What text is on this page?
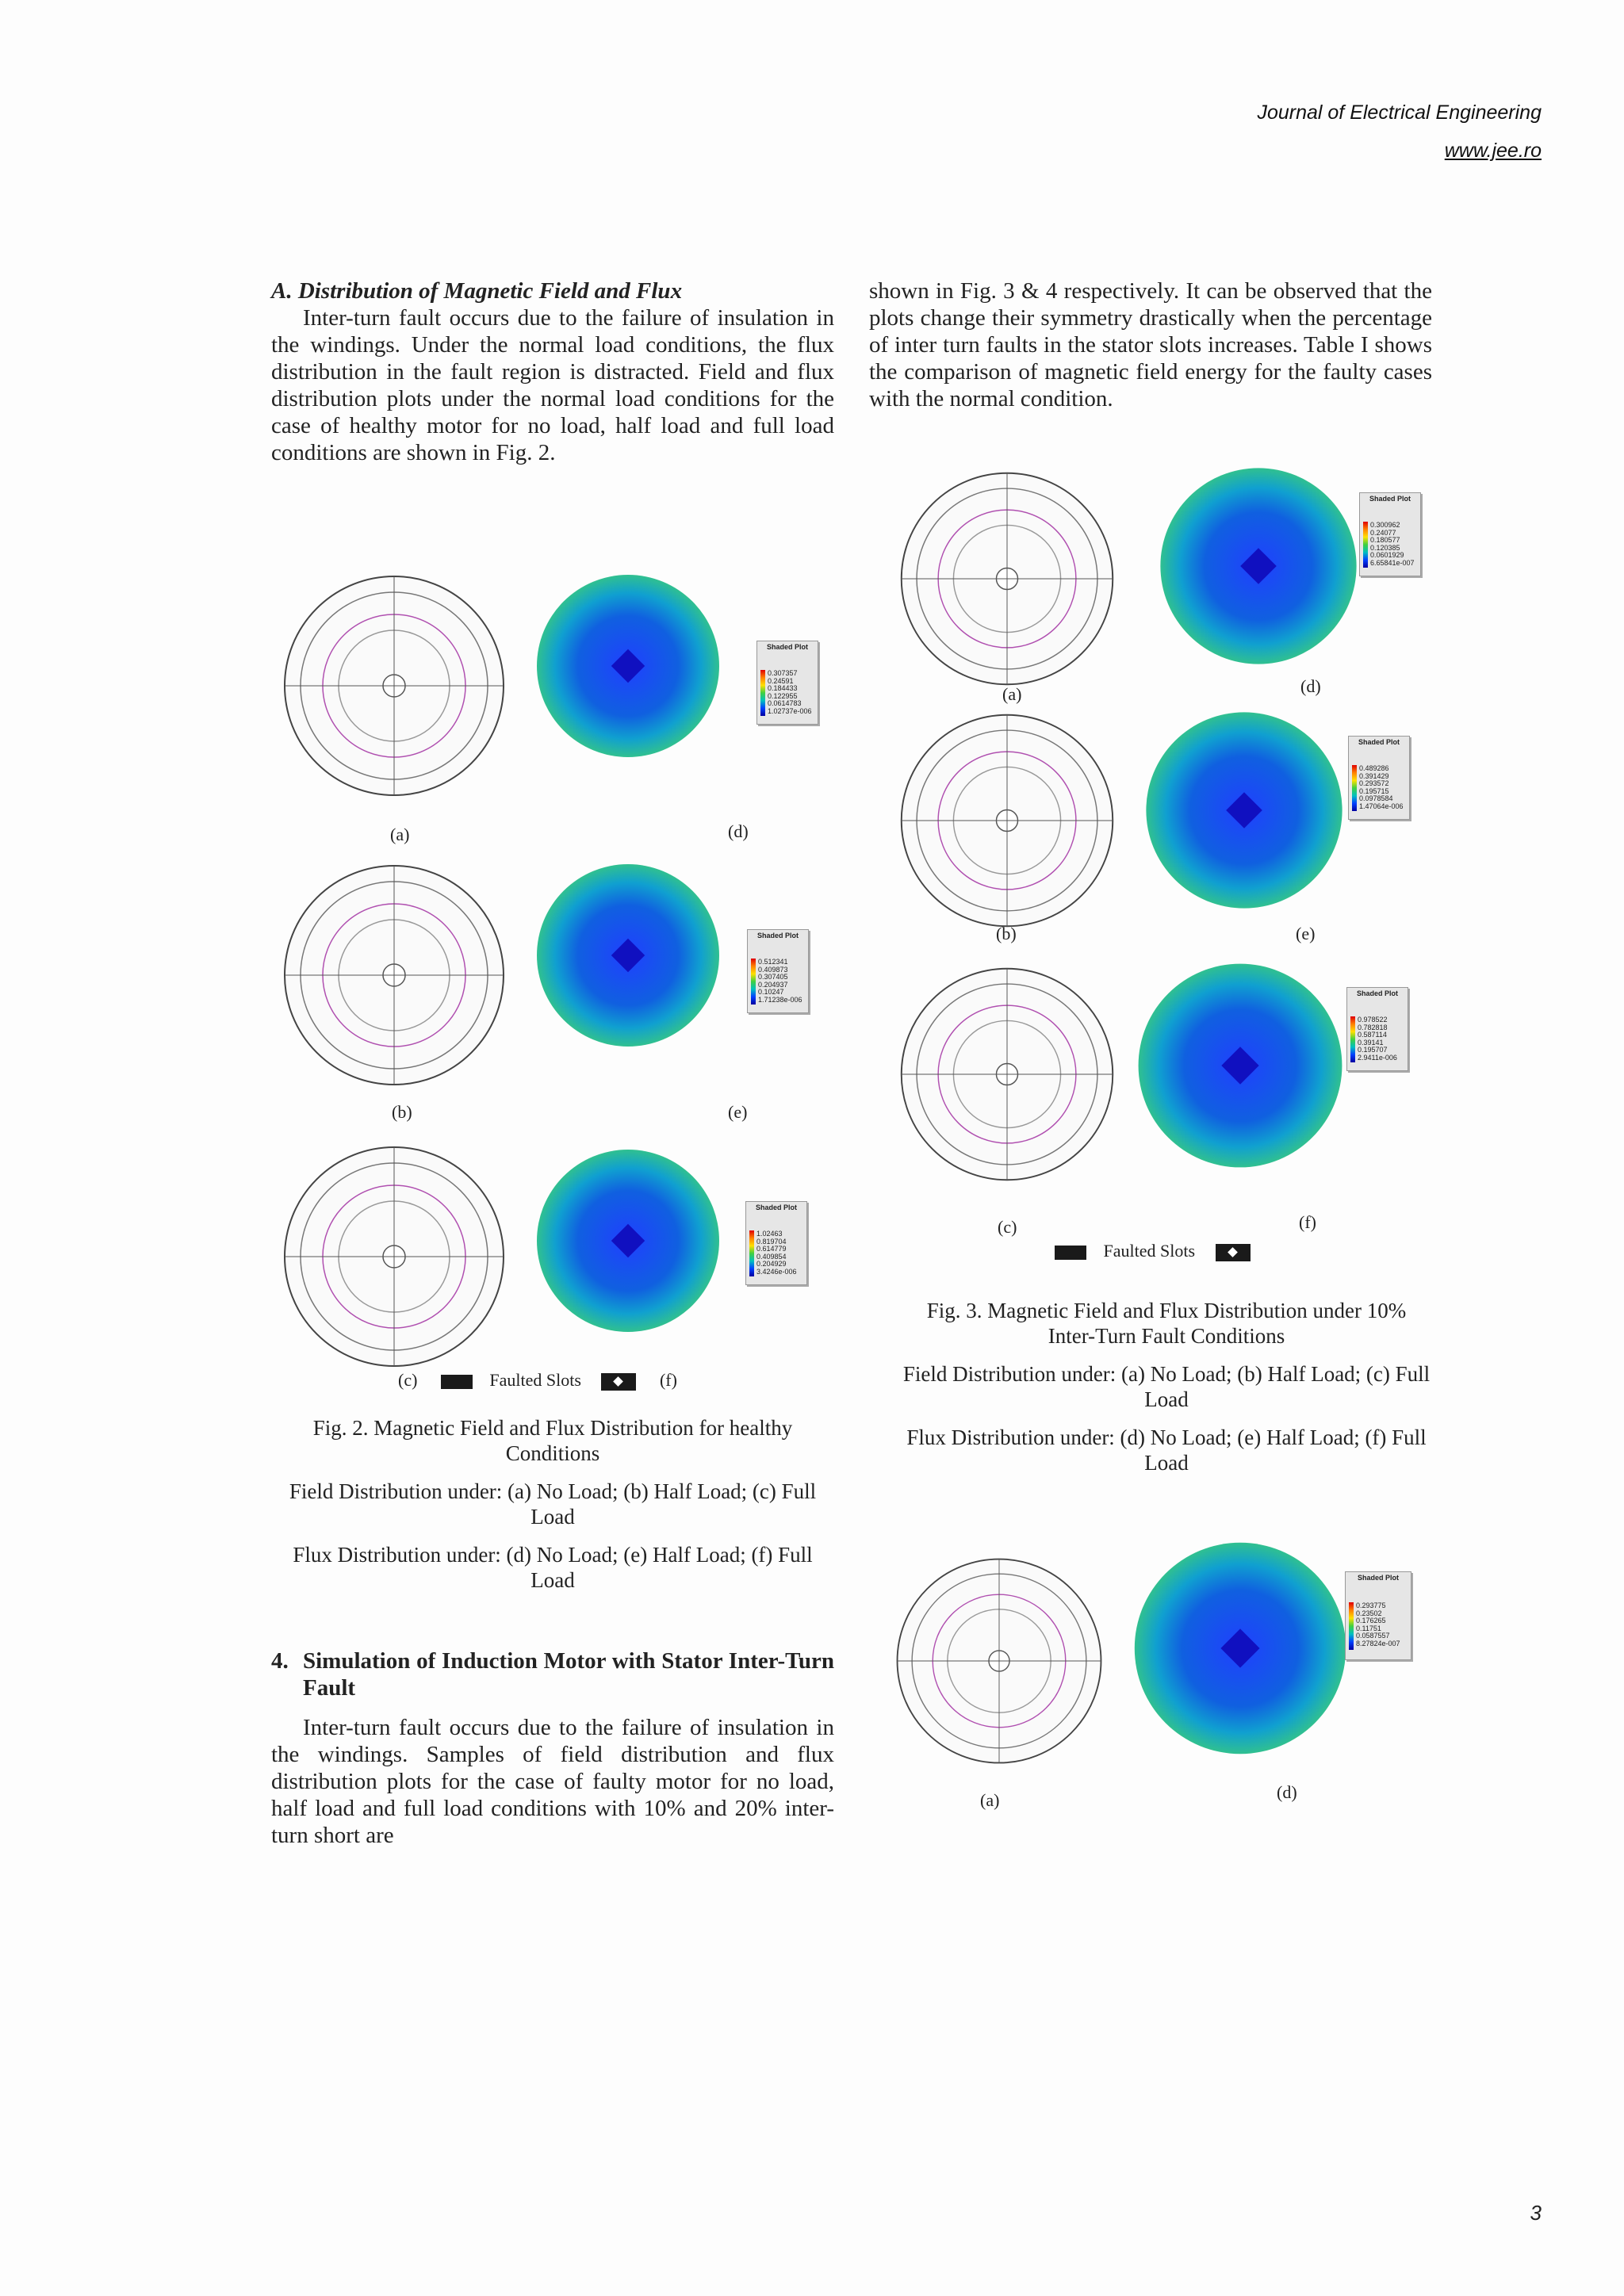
Journal of Electrical Engineering
www.jee.ro

A. Distribution of Magnetic Field and Flux

Inter-turn fault occurs due to the failure of insulation in the windings. Under the normal load conditions, the flux distribution in the fault region is distracted. Field and flux distribution plots under the normal load conditions for the case of healthy motor for no load, half load and full load conditions are shown in Fig. 2.

Shaded Plot
0.307357
0.24591
0.184433
0.122955
0.0614783
1.02737e-006
(a)	(d)
Shaded Plot
0.512341
0.409873
0.307405
0.204937
0.10247
1.71238e-006
(b)	(e)
Shaded Plot
1.02463
0.819704
0.614779
0.409854
0.204929
3.4246e-006
(c)	Faulted Slots	(f)

Fig. 2. Magnetic Field and Flux Distribution for healthy Conditions

Field Distribution under: (a) No Load; (b) Half Load; (c) Full Load

Flux Distribution under: (d) No Load; (e) Half Load; (f) Full Load

4. Simulation of Induction Motor with Stator Inter-Turn Fault

Inter-turn fault occurs due to the failure of insulation in the windings. Samples of field distribution and flux distribution plots for the case of faulty motor for no load, half load and full load conditions with 10% and 20% inter-turn short are

shown in Fig. 3 & 4 respectively. It can be observed that the plots change their symmetry drastically when the percentage of inter turn faults in the stator slots increases. Table I shows the comparison of magnetic field energy for the faulty cases with the normal condition.

Shaded Plot
0.300962
0.24077
0.180577
0.120385
0.0601929
6.65841e-007
(a)	(d)
Shaded Plot
0.489286
0.391429
0.293572
0.195715
0.0978584
1.47064e-006
(b)	(e)
Shaded Plot
0.978522
0.782818
0.587114
0.39141
0.195707
2.9411e-006
(c)	(f)
Faulted Slots

Fig. 3. Magnetic Field and Flux Distribution under 10% Inter-Turn Fault Conditions

Field Distribution under: (a) No Load; (b) Half Load; (c) Full Load

Flux Distribution under: (d) No Load; (e) Half Load; (f) Full Load

Shaded Plot
0.293775
0.23502
0.176265
0.11751
0.0587557
8.27824e-007
(a)	(d)
3
